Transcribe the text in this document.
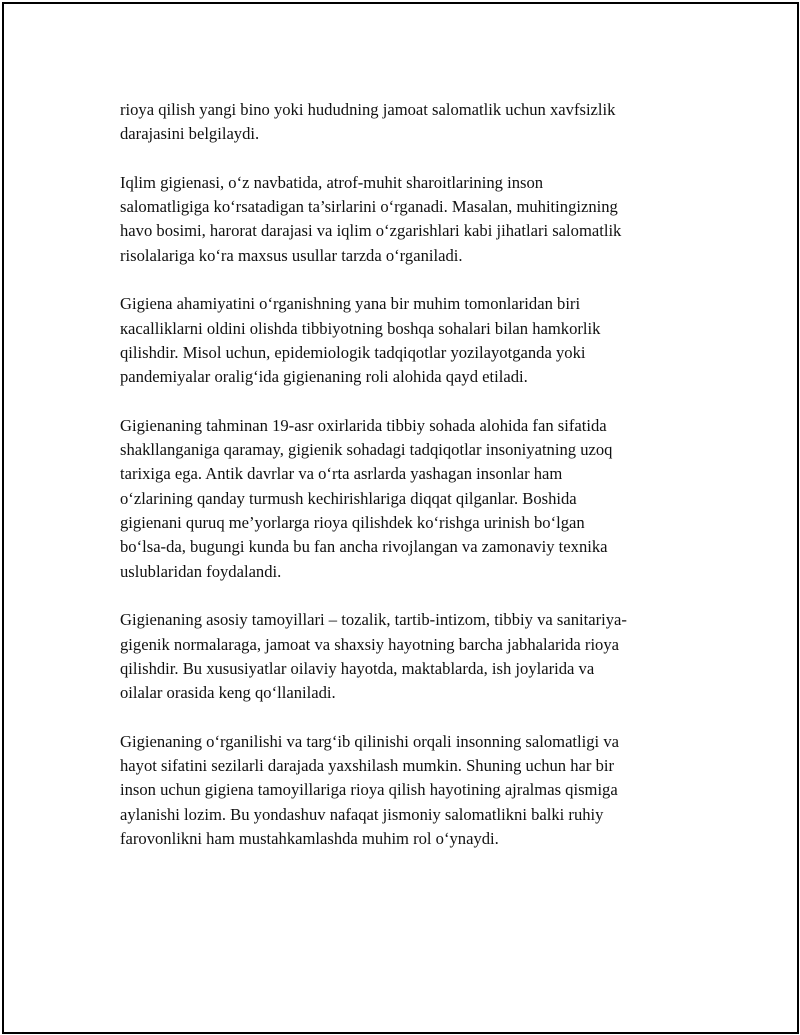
rioya qilish yangi bino yoki hududning jamoat salomatlik uchun xavfsizlik
darajasini belgilaydi.

Iqlim gigienasi, o‘z navbatida, atrof-muhit sharoitlarining inson
salomatligiga ko‘rsatadigan ta’sirlarini o‘rganadi. Masalan, muhitingizning
havo bosimi, harorat darajasi va iqlim o‘zgarishlari kabi jihatlari salomatlik
risolalariga ko‘ra maxsus usullar tarzda o‘rganiladi.

Gigiena ahamiyatini o‘rganishning yana bir muhim tomonlaridan biri
кacalliklarni oldini olishda tibbiyotning boshqa sohalari bilan hamkorlik
qilishdir. Misol uchun, epidemiologik tadqiqotlar yozilayotganda yoki
pandemiyalar oralig‘ida gigienaning roli alohida qayd etiladi.

Gigienaning tahminan 19-asr oxirlarida tibbiy sohada alohida fan sifatida
shakllanganiga qaramay, gigienik sohadagi tadqiqotlar insoniyatning uzoq
tarixiga ega. Antik davrlar va o‘rta asrlarda yashagan insonlar ham
o‘zlarining qanday turmush kechirishlariga diqqat qilganlar. Boshida
gigienani quruq me’yorlarga rioya qilishdek ko‘rishga urinish bo‘lgan
bo‘lsa-da, bugungi kunda bu fan ancha rivojlangan va zamonaviy texnika
uslublaridan foydalandi.

Gigienaning asosiy tamoyillari – tozalik, tartib-intizom, tibbiy va sanitariya-
gigenik normalaraga, jamoat va shaxsiy hayotning barcha jabhalarida rioya
qilishdir. Bu xususiyatlar oilaviy hayotda, maktablarda, ish joylarida va
oilalar orasida keng qo‘llaniladi.

Gigienaning o‘rganilishi va targ‘ib qilinishi orqali insonning salomatligi va
hayot sifatini sezilarli darajada yaxshilash mumkin. Shuning uchun har bir
inson uchun gigiena tamoyillariga rioya qilish hayotining ajralmas qismiga
aylanishi lozim. Bu yondashuv nafaqat jismoniy salomatlikni balki ruhiy
farovonlikni ham mustahkamlashda muhim rol o‘ynaydi.
